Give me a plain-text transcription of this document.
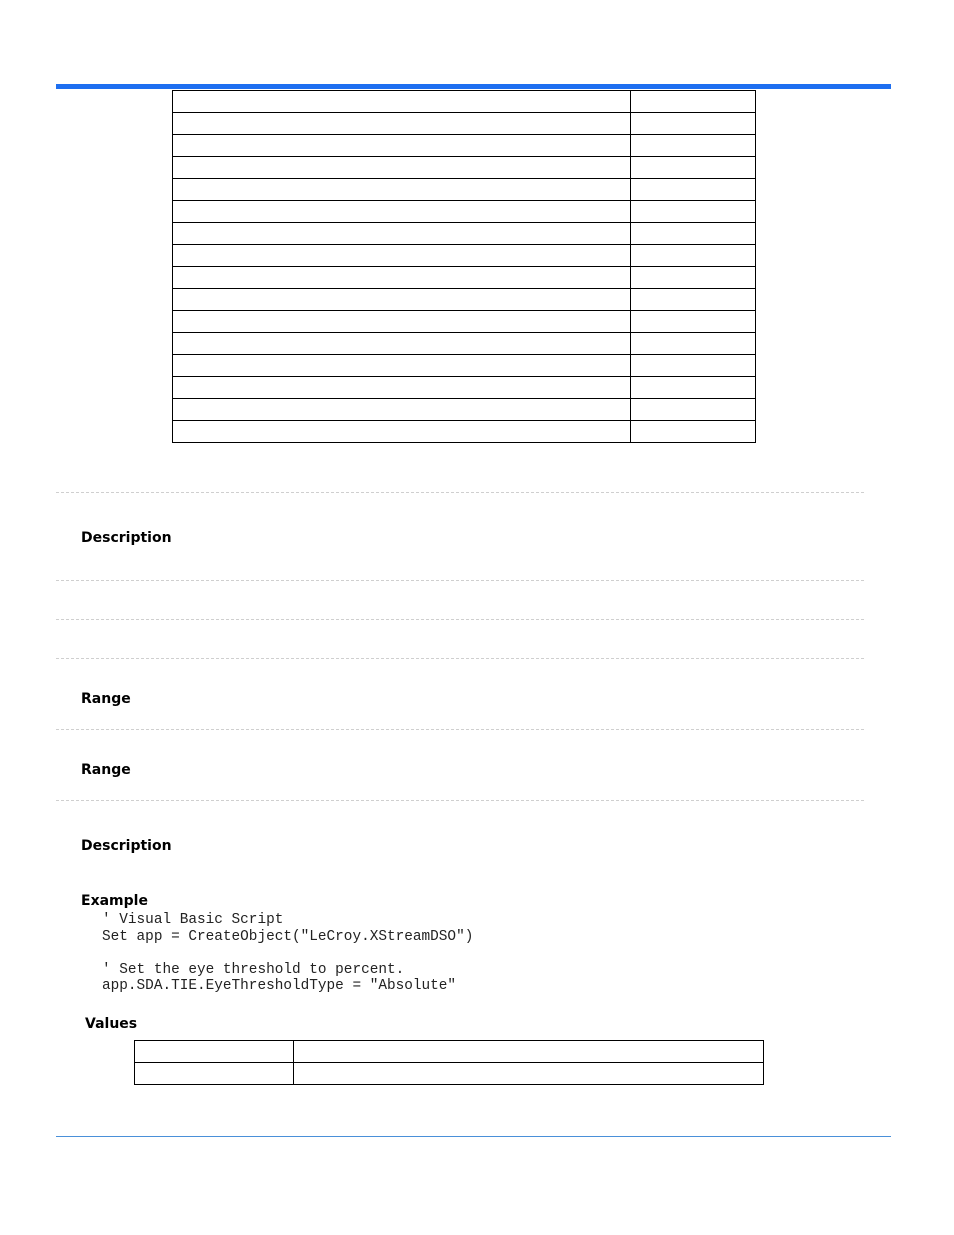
Description
Range
Range
Description
Example
' Visual Basic Script
Set app = CreateObject("LeCroy.XStreamDSO")

' Set the eye threshold to percent.
app.SDA.TIE.EyeThresholdType = "Absolute"

Values
